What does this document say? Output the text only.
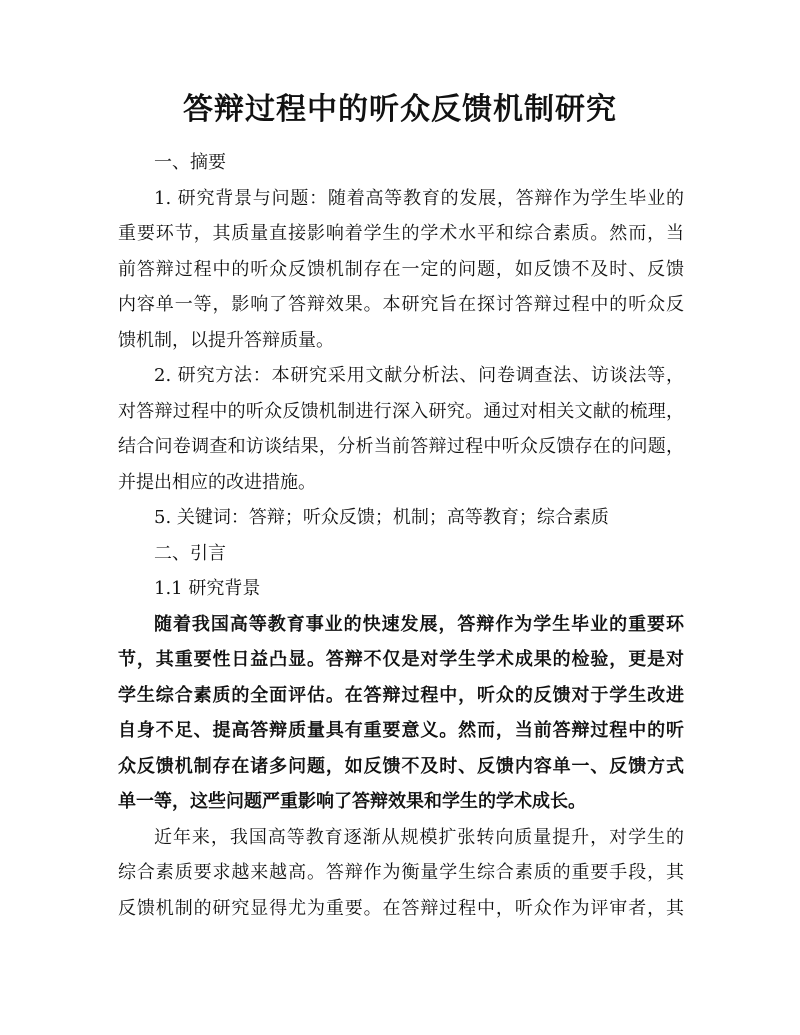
答辩过程中的听众反馈机制研究
一、摘要
1. 研究背景与问题：随着高等教育的发展，答辩作为学生毕业的
重要环节，其质量直接影响着学生的学术水平和综合素质。然而，当
前答辩过程中的听众反馈机制存在一定的问题，如反馈不及时、反馈
内容单一等，影响了答辩效果。本研究旨在探讨答辩过程中的听众反
馈机制，以提升答辩质量。
2. 研究方法：本研究采用文献分析法、问卷调查法、访谈法等，
对答辩过程中的听众反馈机制进行深入研究。通过对相关文献的梳理，
结合问卷调查和访谈结果，分析当前答辩过程中听众反馈存在的问题，
并提出相应的改进措施。
5. 关键词：答辩；听众反馈；机制；高等教育；综合素质
二、引言
1.1 研究背景
随着我国高等教育事业的快速发展，答辩作为学生毕业的重要环
节，其重要性日益凸显。答辩不仅是对学生学术成果的检验，更是对
学生综合素质的全面评估。在答辩过程中，听众的反馈对于学生改进
自身不足、提高答辩质量具有重要意义。然而，当前答辩过程中的听
众反馈机制存在诸多问题，如反馈不及时、反馈内容单一、反馈方式
单一等，这些问题严重影响了答辩效果和学生的学术成长。
近年来，我国高等教育逐渐从规模扩张转向质量提升，对学生的
综合素质要求越来越高。答辩作为衡量学生综合素质的重要手段，其
反馈机制的研究显得尤为重要。在答辩过程中，听众作为评审者，其
